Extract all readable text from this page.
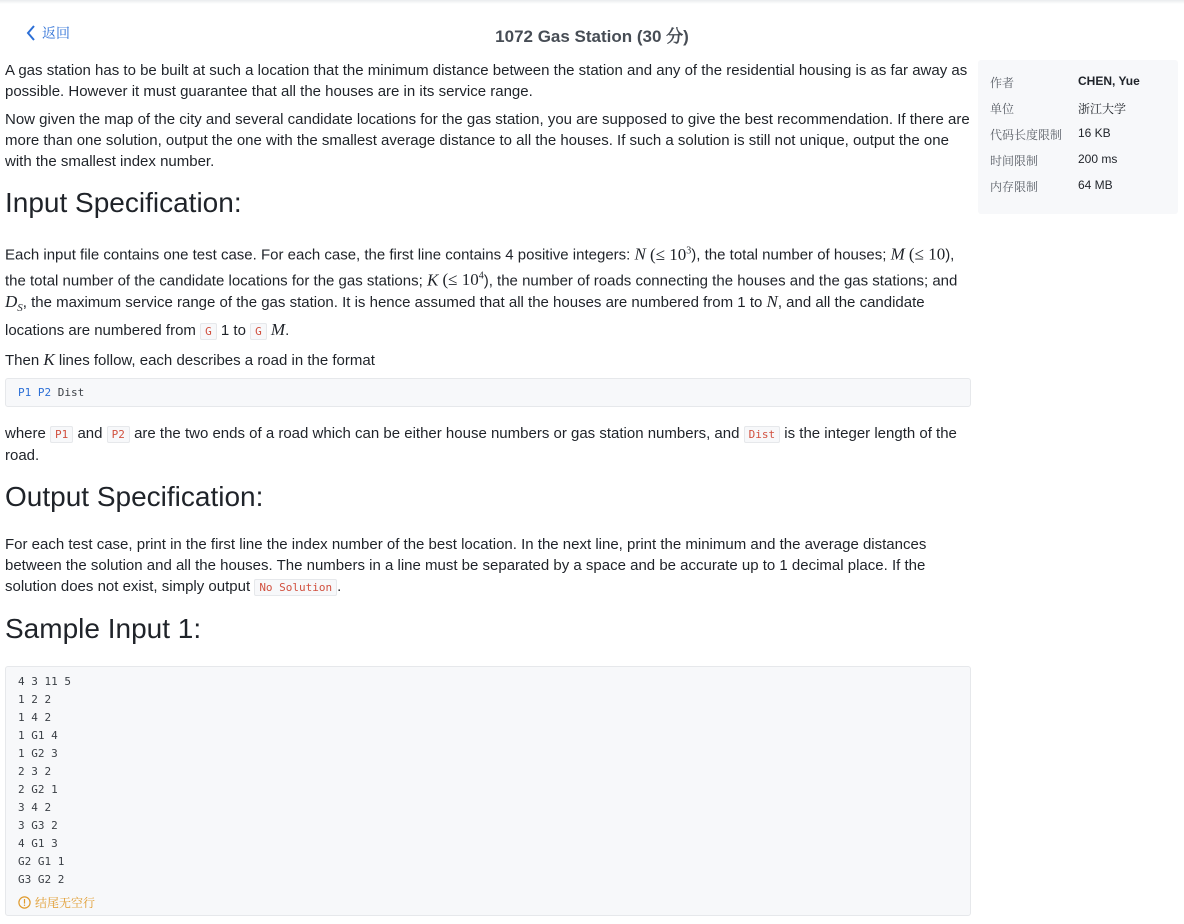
返回	1072 Gas Station (30 分)

A gas station has to be built at such a location that the minimum distance between the station and any of the residential housing is as far away as possible. However it must guarantee that all the houses are in its service range.

Now given the map of the city and several candidate locations for the gas station, you are supposed to give the best recommendation. If there are more than one solution, output the one with the smallest average distance to all the houses. If such a solution is still not unique, output the one with the smallest index number.

Input Specification:

Each input file contains one test case. For each case, the first line contains 4 positive integers: N (≤ $10^3$), the total number of houses; M (≤ 10), the total number of the candidate locations for the gas stations; K (≤ $10^4$), the number of roads connecting the houses and the gas stations; and $D_S$, the maximum service range of the gas station. It is hence assumed that all the houses are numbered from 1 to N, and all the candidate locations are numbered from G 1 to G M.

Then K lines follow, each describes a road in the format

P1 P2 Dist

where P1 and P2 are the two ends of a road which can be either house numbers or gas station numbers, and Dist is the integer length of the road.

Output Specification:

For each test case, print in the first line the index number of the best location. In the next line, print the minimum and the average distances between the solution and all the houses. The numbers in a line must be separated by a space and be accurate up to 1 decimal place. If the solution does not exist, simply output No Solution .

Sample Input 1:
4 3 11 5
1 2 2
1 4 2
1 G1 4
1 G2 3
2 3 2
2 G2 1
3 4 2
3 G3 2
4 G1 3
G2 G1 1
G3 G2 2
结尾无空行
作者	CHEN, Yue
单位	浙江大学
代码长度限制 16 KB
时间限制	200 ms
内存限制	64 MB
